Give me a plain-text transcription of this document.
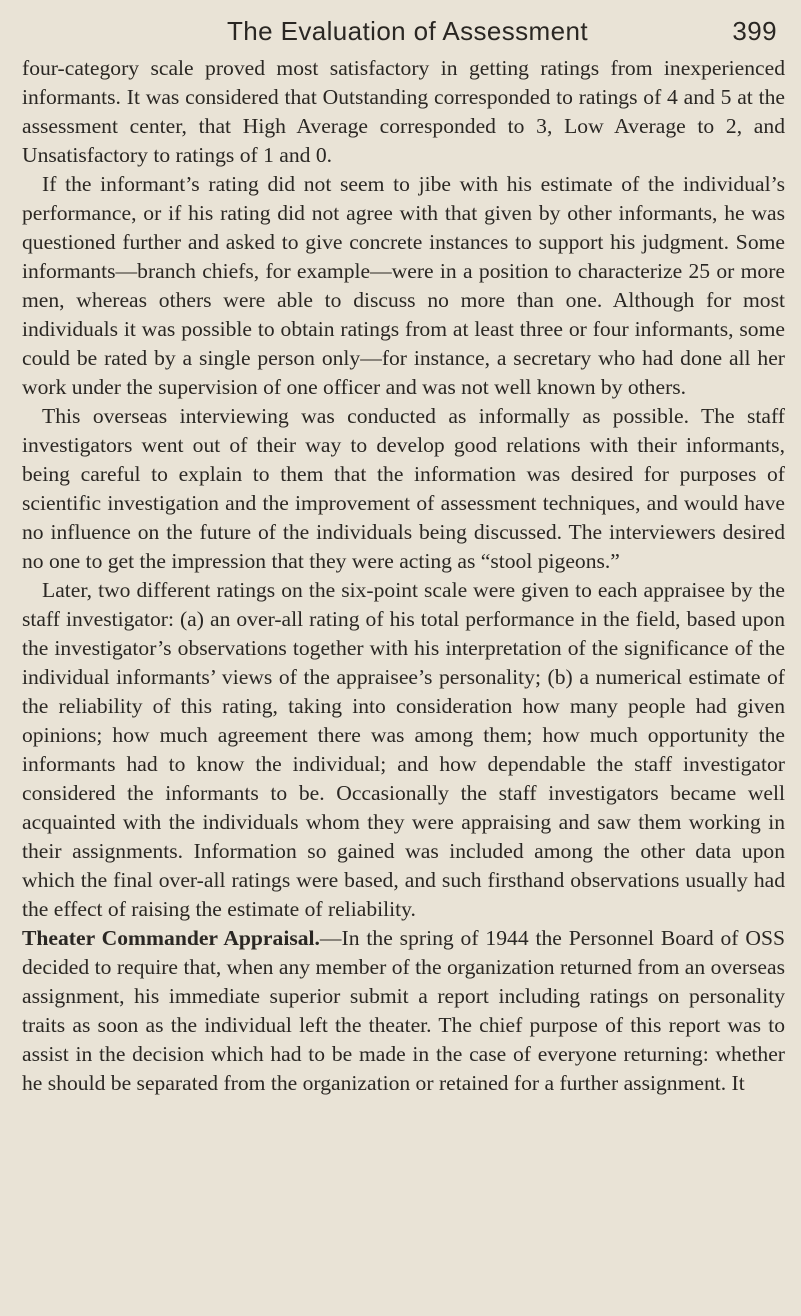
The Evaluation of Assessment	399

four-category scale proved most satisfactory in getting ratings from inexperienced informants. It was considered that Outstanding corresponded to ratings of 4 and 5 at the assessment center, that High Average corresponded to 3, Low Average to 2, and Unsatisfactory to ratings of 1 and 0.

If the informant’s rating did not seem to jibe with his estimate of the individual’s performance, or if his rating did not agree with that given by other informants, he was questioned further and asked to give concrete instances to support his judgment. Some informants—branch chiefs, for example—were in a position to characterize 25 or more men, whereas others were able to discuss no more than one. Although for most individuals it was possible to obtain ratings from at least three or four informants, some could be rated by a single person only—for instance, a secretary who had done all her work under the supervision of one officer and was not well known by others.

This overseas interviewing was conducted as informally as possible. The staff investigators went out of their way to develop good relations with their informants, being careful to explain to them that the information was desired for purposes of scientific investigation and the improvement of assessment techniques, and would have no influence on the future of the individuals being discussed. The interviewers desired no one to get the impression that they were acting as “stool pigeons.”

Later, two different ratings on the six-point scale were given to each appraisee by the staff investigator: (a) an over-all rating of his total performance in the field, based upon the investigator’s observations together with his interpretation of the significance of the individual informants’ views of the appraisee’s personality; (b) a numerical estimate of the reliability of this rating, taking into consideration how many people had given opinions; how much agreement there was among them; how much opportunity the informants had to know the individual; and how dependable the staff investigator considered the informants to be. Occasionally the staff investigators became well acquainted with the individuals whom they were appraising and saw them working in their assignments. Information so gained was included among the other data upon which the final over-all ratings were based, and such firsthand observations usually had the effect of raising the estimate of reliability.

Theater Commander Appraisal.—In the spring of 1944 the Personnel Board of OSS decided to require that, when any member of the organization returned from an overseas assignment, his immediate superior submit a report including ratings on personality traits as soon as the individual left the theater. The chief purpose of this report was to assist in the decision which had to be made in the case of everyone returning: whether he should be separated from the organization or retained for a further assignment. It
